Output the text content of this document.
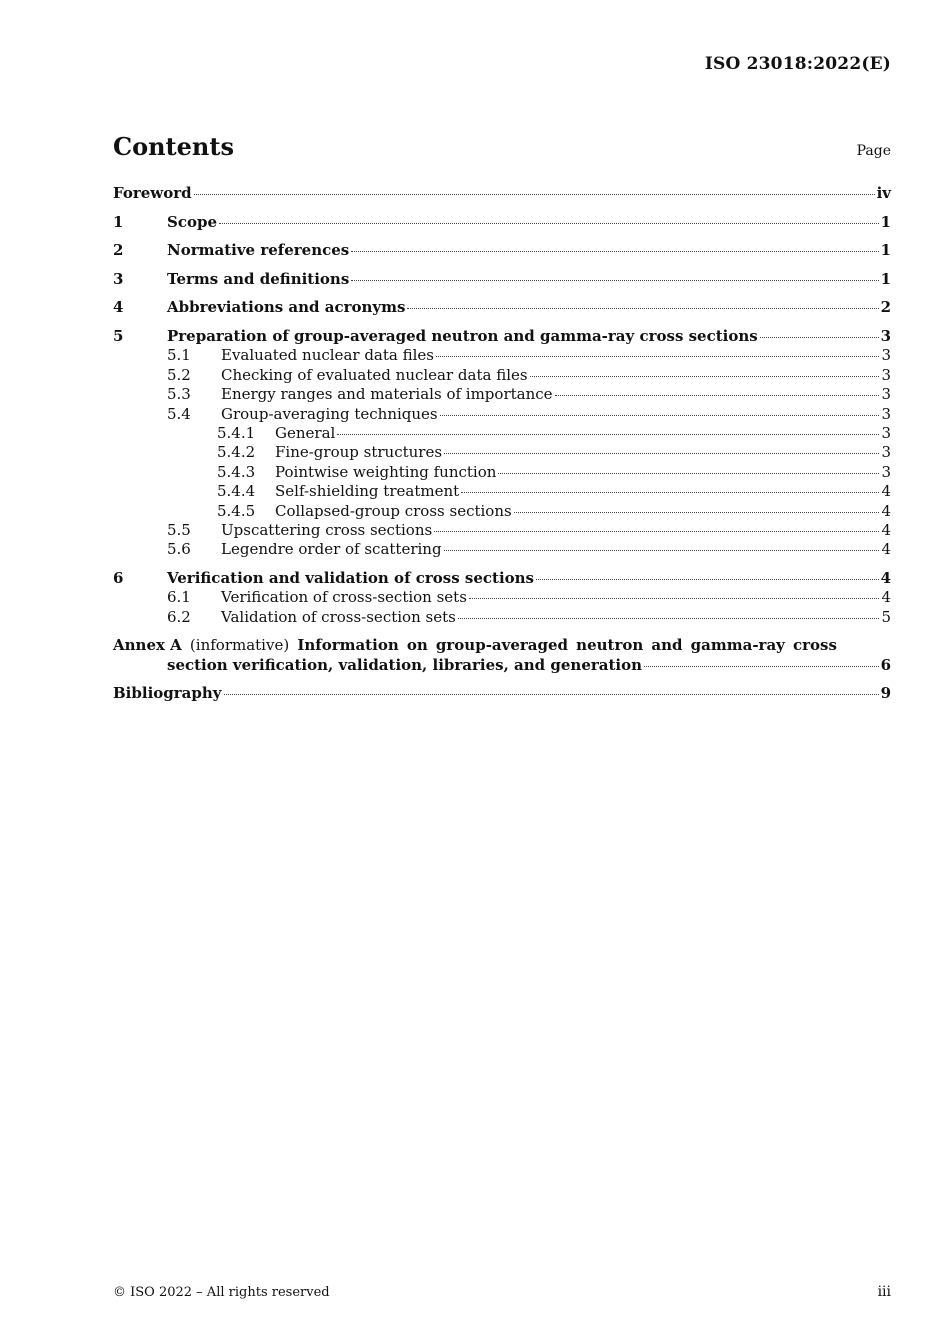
ISO 23018:2022(E)
Contents	Page
Foreword	iv
1	Scope	1
2	Normative references	1
3	Terms and definitions	1
4	Abbreviations and acronyms	2
5	Preparation of group-averaged neutron and gamma-ray cross sections	3
5.1	Evaluated nuclear data files	3
5.2	Checking of evaluated nuclear data files	3
5.3	Energy ranges and materials of importance	3
5.4	Group-averaging techniques	3
5.4.1	General	3
5.4.2	Fine-group structures	3
5.4.3	Pointwise weighting function	3
5.4.4	Self-shielding treatment	4
5.4.5	Collapsed-group cross sections	4
5.5	Upscattering cross sections	4
5.6	Legendre order of scattering	4
6	Verification and validation of cross sections	4
6.1	Verification of cross-section sets	4
6.2	Validation of cross-section sets	5
Annex A (informative) Information on group-averaged neutron and gamma-ray cross
section verification, validation, libraries, and generation	6
Bibliography	9
© ISO 2022 – All rights reserved	iii
